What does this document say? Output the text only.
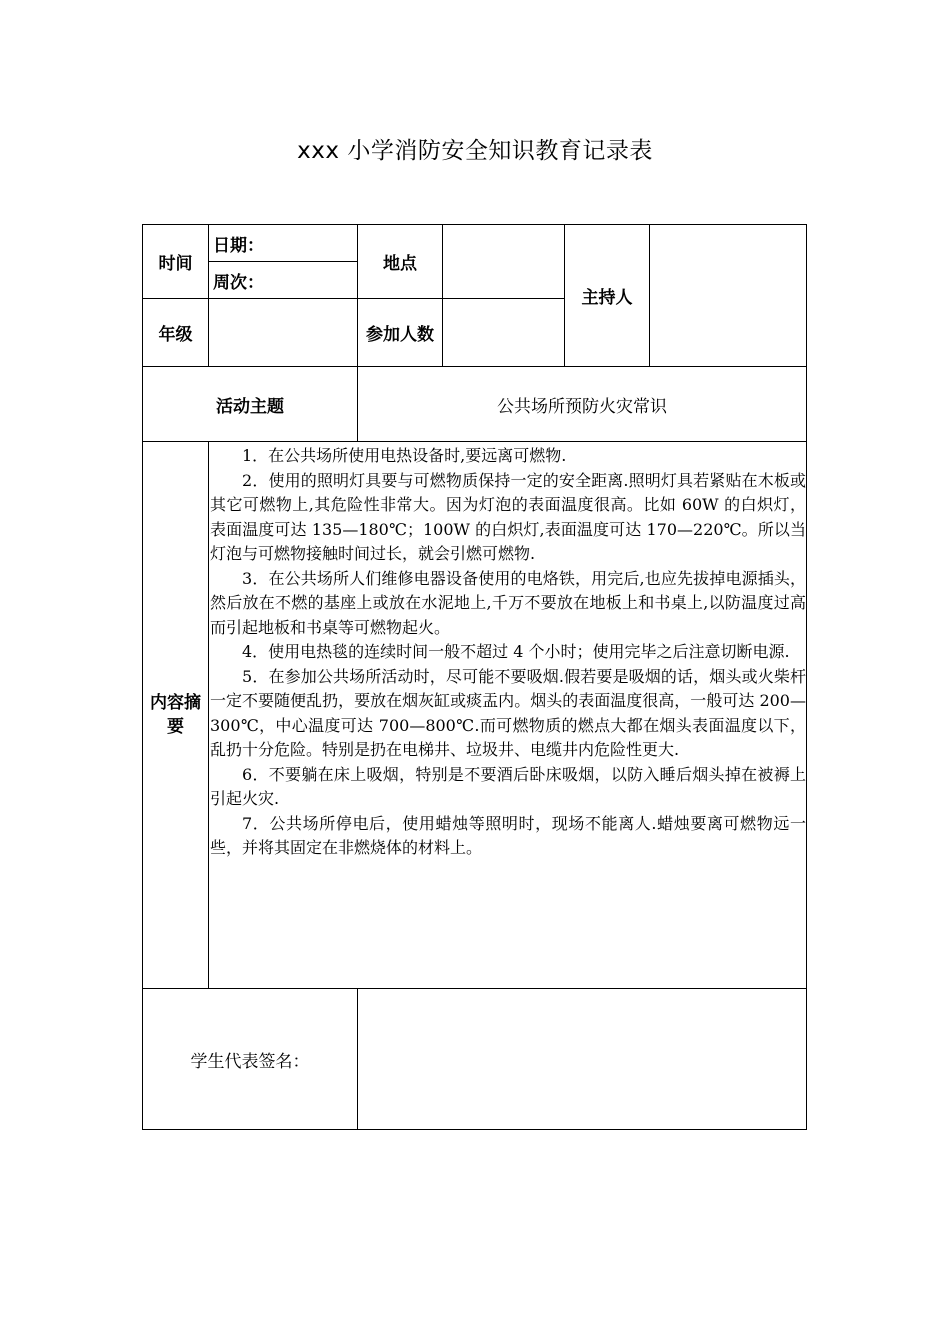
xxx 小学消防安全知识教育记录表
时间
日期：
周次：
地点
主持人
年级	参加人数
活动主题	公共场所预防火灾常识
内容摘要

1．在公共场所使用电热设备时,要远离可燃物.

2．使用的照明灯具要与可燃物质保持一定的安全距离.照明灯具若紧贴在木板或其它可燃物上,其危险性非常大。因为灯泡的表面温度很高。比如 60W 的白炽灯，表面温度可达 135—180℃；100W 的白炽灯,表面温度可达 170—220℃。所以当灯泡与可燃物接触时间过长，就会引燃可燃物.

3．在公共场所人们维修电器设备使用的电烙铁，用完后,也应先拔掉电源插头，然后放在不燃的基座上或放在水泥地上,千万不要放在地板上和书桌上,以防温度过高而引起地板和书桌等可燃物起火。

4．使用电热毯的连续时间一般不超过 4 个小时；使用完毕之后注意切断电源.

5．在参加公共场所活动时，尽可能不要吸烟.假若要是吸烟的话，烟头或火柴杆一定不要随便乱扔，要放在烟灰缸或痰盂内。烟头的表面温度很高，一般可达 200—300℃，中心温度可达 700—800℃.而可燃物质的燃点大都在烟头表面温度以下，乱扔十分危险。特别是扔在电梯井、垃圾井、电缆井内危险性更大.

6．不要躺在床上吸烟，特别是不要酒后卧床吸烟，以防入睡后烟头掉在被褥上引起火灾.

7．公共场所停电后，使用蜡烛等照明时，现场不能离人.蜡烛要离可燃物远一些，并将其固定在非燃烧体的材料上。

学生代表签名：
